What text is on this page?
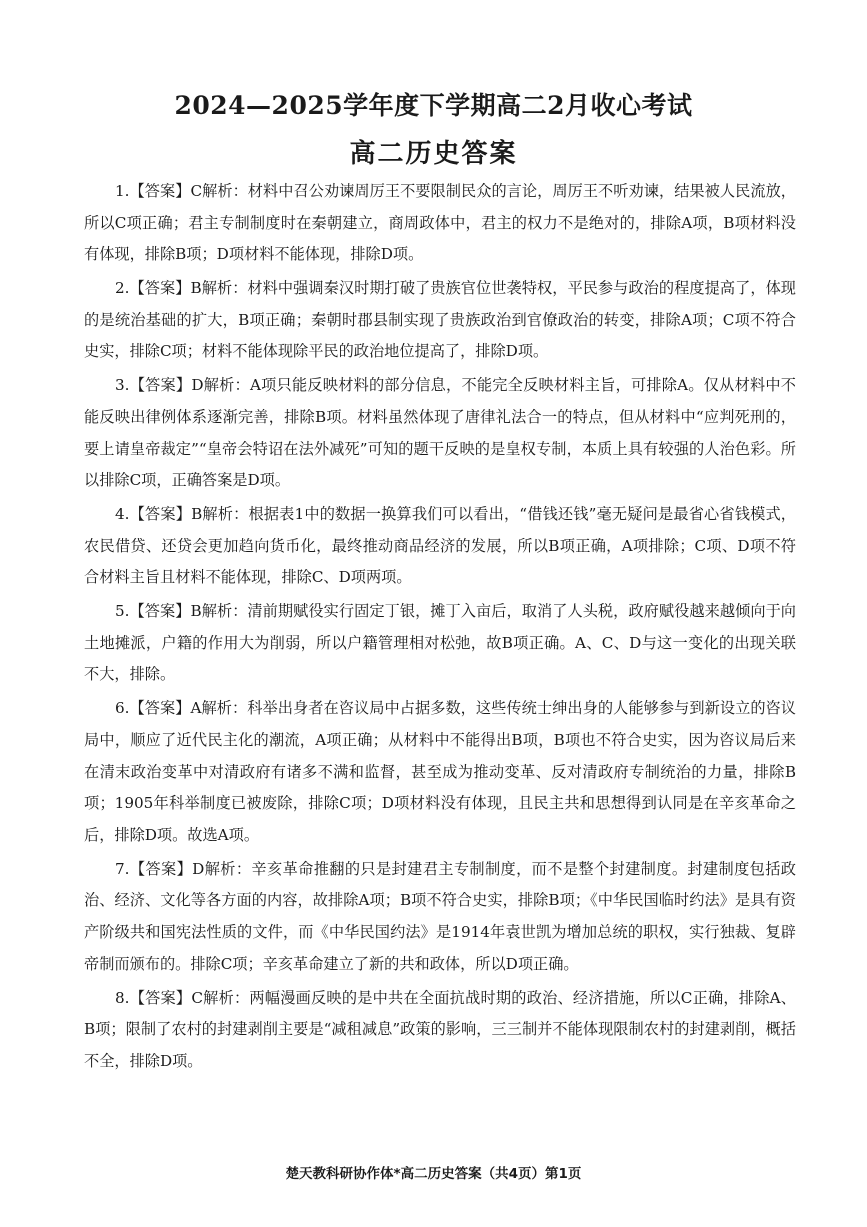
2024—2025学年度下学期高二2月收心考试
高二历史答案

1.【答案】C解析：材料中召公劝谏周厉王不要限制民众的言论，周厉王不听劝谏，结果被人民流放，所以C项正确；君主专制制度时在秦朝建立，商周政体中，君主的权力不是绝对的，排除A项，B项材料没有体现，排除B项；D项材料不能体现，排除D项。

2.【答案】B解析：材料中强调秦汉时期打破了贵族官位世袭特权，平民参与政治的程度提高了，体现的是统治基础的扩大，B项正确；秦朝时郡县制实现了贵族政治到官僚政治的转变，排除A项；C项不符合史实，排除C项；材料不能体现除平民的政治地位提高了，排除D项。

3.【答案】D解析：A项只能反映材料的部分信息，不能完全反映材料主旨，可排除A。仅从材料中不能反映出律例体系逐渐完善，排除B项。材料虽然体现了唐律礼法合一的特点，但从材料中“应判死刑的，要上请皇帝裁定”“皇帝会特诏在法外减死”可知的题干反映的是皇权专制，本质上具有较强的人治色彩。所以排除C项，正确答案是D项。

4.【答案】B解析：根据表1中的数据一换算我们可以看出，“借钱还钱”毫无疑问是最省心省钱模式，农民借贷、还贷会更加趋向货币化，最终推动商品经济的发展，所以B项正确，A项排除；C项、D项不符合材料主旨且材料不能体现，排除C、D项两项。

5.【答案】B解析：清前期赋役实行固定丁银，摊丁入亩后，取消了人头税，政府赋役越来越倾向于向土地摊派，户籍的作用大为削弱，所以户籍管理相对松弛，故B项正确。A、C、D与这一变化的出现关联不大，排除。

6.【答案】A解析：科举出身者在咨议局中占据多数，这些传统士绅出身的人能够参与到新设立的咨议局中，顺应了近代民主化的潮流，A项正确；从材料中不能得出B项，B项也不符合史实，因为咨议局后来在清末政治变革中对清政府有诸多不满和监督，甚至成为推动变革、反对清政府专制统治的力量，排除B项；1905年科举制度已被废除，排除C项；D项材料没有体现，且民主共和思想得到认同是在辛亥革命之后，排除D项。故选A项。

7.【答案】D解析：辛亥革命推翻的只是封建君主专制制度，而不是整个封建制度。封建制度包括政治、经济、文化等各方面的内容，故排除A项；B项不符合史实，排除B项；《中华民国临时约法》是具有资产阶级共和国宪法性质的文件，而《中华民国约法》是1914年袁世凯为增加总统的职权，实行独裁、复辟帝制而颁布的。排除C项；辛亥革命建立了新的共和政体，所以D项正确。

8.【答案】C解析：两幅漫画反映的是中共在全面抗战时期的政治、经济措施，所以C正确，排除A、B项；限制了农村的封建剥削主要是“减租减息”政策的影响，三三制并不能体现限制农村的封建剥削，概括不全，排除D项。

楚天教科研协作体*高二历史答案（共4页）第1页
